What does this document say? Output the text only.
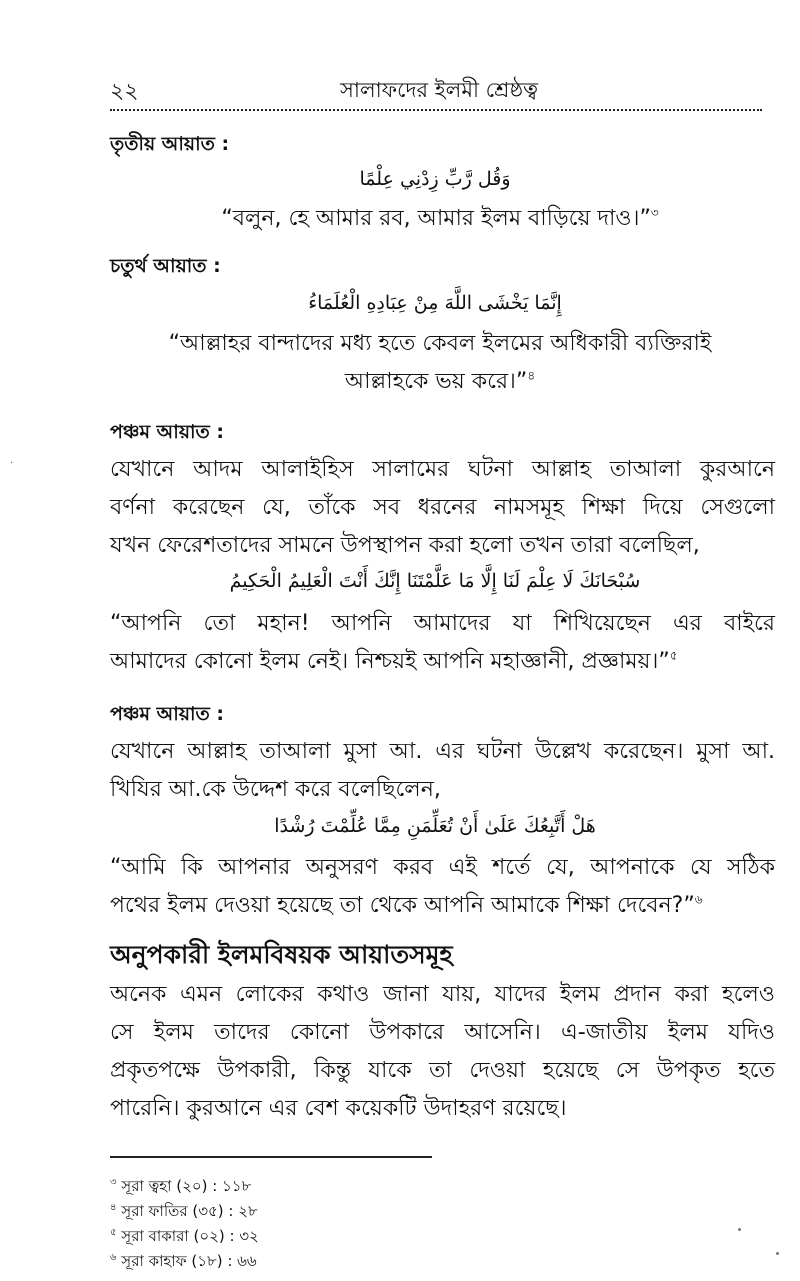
২২	সালাফদের ইলমী শ্রেষ্ঠত্ব
তৃতীয় আয়াত :
وَقُل رَّبِّ زِدْنِي عِلْمًا
“বলুন, হে আমার রব, আমার ইলম বাড়িয়ে দাও।”$^৩$
চতুর্থ আয়াত :
إِنَّمَا يَخْشَى اللَّهَ مِنْ عِبَادِهِ الْعُلَمَاءُ
“আল্লাহর বান্দাদের মধ্য হতে কেবল ইলমের অধিকারী ব্যক্তিরাই
আল্লাহকে ভয় করে।”$^৪$
পঞ্চম আয়াত :
যেখানে আদম আলাইহিস সালামের ঘটনা আল্লাহ তাআলা কুরআনে
বর্ণনা করেছেন যে, তাঁকে সব ধরনের নামসমূহ শিক্ষা দিয়ে সেগুলো
যখন ফেরেশতাদের সামনে উপস্থাপন করা হলো তখন তারা বলেছিল,
سُبْحَانَكَ لَا عِلْمَ لَنَا إِلَّا مَا عَلَّمْتَنَا إِنَّكَ أَنْتَ الْعَلِيمُ الْحَكِيمُ
“আপনি তো মহান! আপনি আমাদের যা শিখিয়েছেন এর বাইরে
আমাদের কোনো ইলম নেই। নিশ্চয়ই আপনি মহাজ্ঞানী, প্রজ্ঞাময়।”$^৫$
পঞ্চম আয়াত :
যেখানে আল্লাহ তাআলা মুসা আ. এর ঘটনা উল্লেখ করেছেন। মুসা আ.
খিযির আ.কে উদ্দেশ করে বলেছিলেন,
هَلْ أَتَّبِعُكَ عَلَىٰ أَنْ تُعَلِّمَنِ مِمَّا عُلِّمْتَ رُشْدًا
“আমি কি আপনার অনুসরণ করব এই শর্তে যে, আপনাকে যে সঠিক
পথের ইলম দেওয়া হয়েছে তা থেকে আপনি আমাকে শিক্ষা দেবেন?”$^৬$
অনুপকারী ইলমবিষয়ক আয়াতসমূহ
অনেক এমন লোকের কথাও জানা যায়, যাদের ইলম প্রদান করা হলেও
সে ইলম তাদের কোনো উপকারে আসেনি। এ-জাতীয় ইলম যদিও
প্রকৃতপক্ষে উপকারী, কিন্তু যাকে তা দেওয়া হয়েছে সে উপকৃত হতে
পারেনি। কুরআনে এর বেশ কয়েকটি উদাহরণ রয়েছে।
$^৩$ সূরা ত্বহা (২০) : ১১৮
$^৪$ সূরা ফাতির (৩৫) : ২৮
$^৫$ সূরা বাকারা (০২) : ৩২
$^৬$ সূরা কাহাফ (১৮) : ৬৬
·
